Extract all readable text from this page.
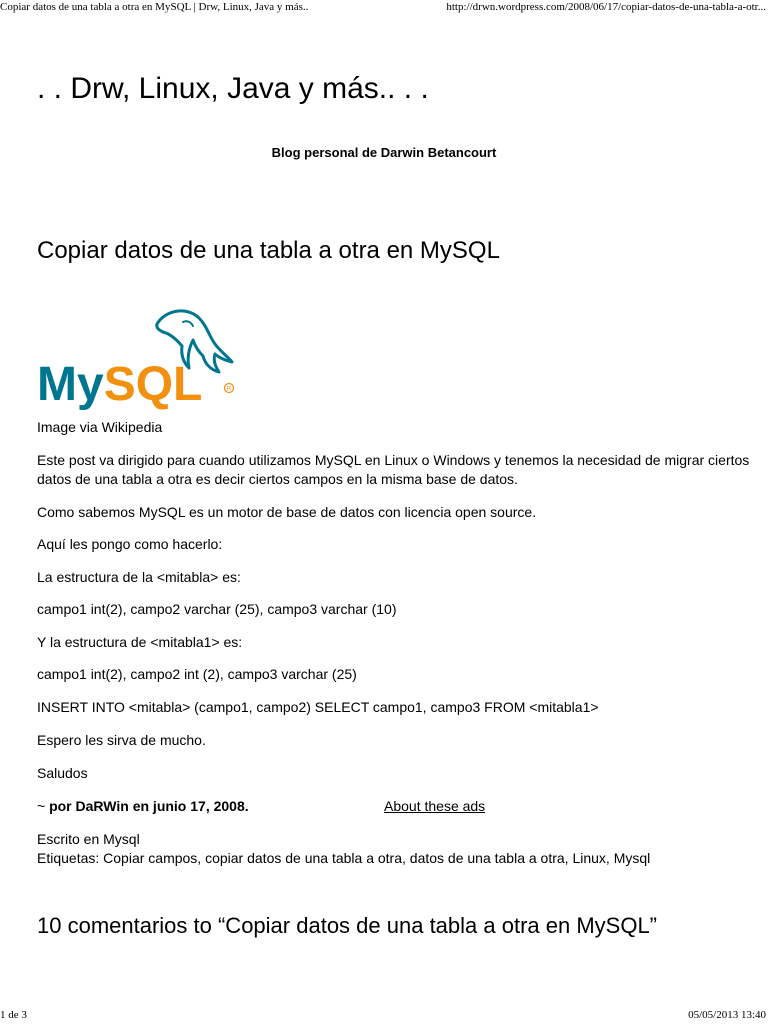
Copiar datos de una tabla a otra en MySQL | Drw, Linux, Java y más..	http://drwn.wordpress.com/2008/06/17/copiar-datos-de-una-tabla-a-otr...
. . Drw, Linux, Java y más.. . .

Blog personal de Darwin Betancourt

Copiar datos de una tabla a otra en MySQL
MySQL	R

Image via Wikipedia

Este post va dirigido para cuando utilizamos MySQL en Linux o Windows y tenemos la necesidad de migrar ciertos datos de una tabla a otra es decir ciertos campos en la misma base de datos.

Como sabemos MySQL es un motor de base de datos con licencia open source.

Aquí les pongo como hacerlo:

La estructura de la <mitabla> es:

campo1 int(2), campo2 varchar (25), campo3 varchar (10)

Y la estructura de <mitabla1> es:

campo1 int(2), campo2 int (2), campo3 varchar (25)

INSERT INTO <mitabla> (campo1, campo2) SELECT campo1, campo3 FROM <mitabla1>

Espero les sirva de mucho.

Saludos

~ por DaRWin en junio 17, 2008.	About these ads

Escrito en Mysql

Etiquetas: Copiar campos, copiar datos de una tabla a otra, datos de una tabla a otra, Linux, Mysql

10 comentarios to “Copiar datos de una tabla a otra en MySQL”
1 de 3	05/05/2013 13:40
